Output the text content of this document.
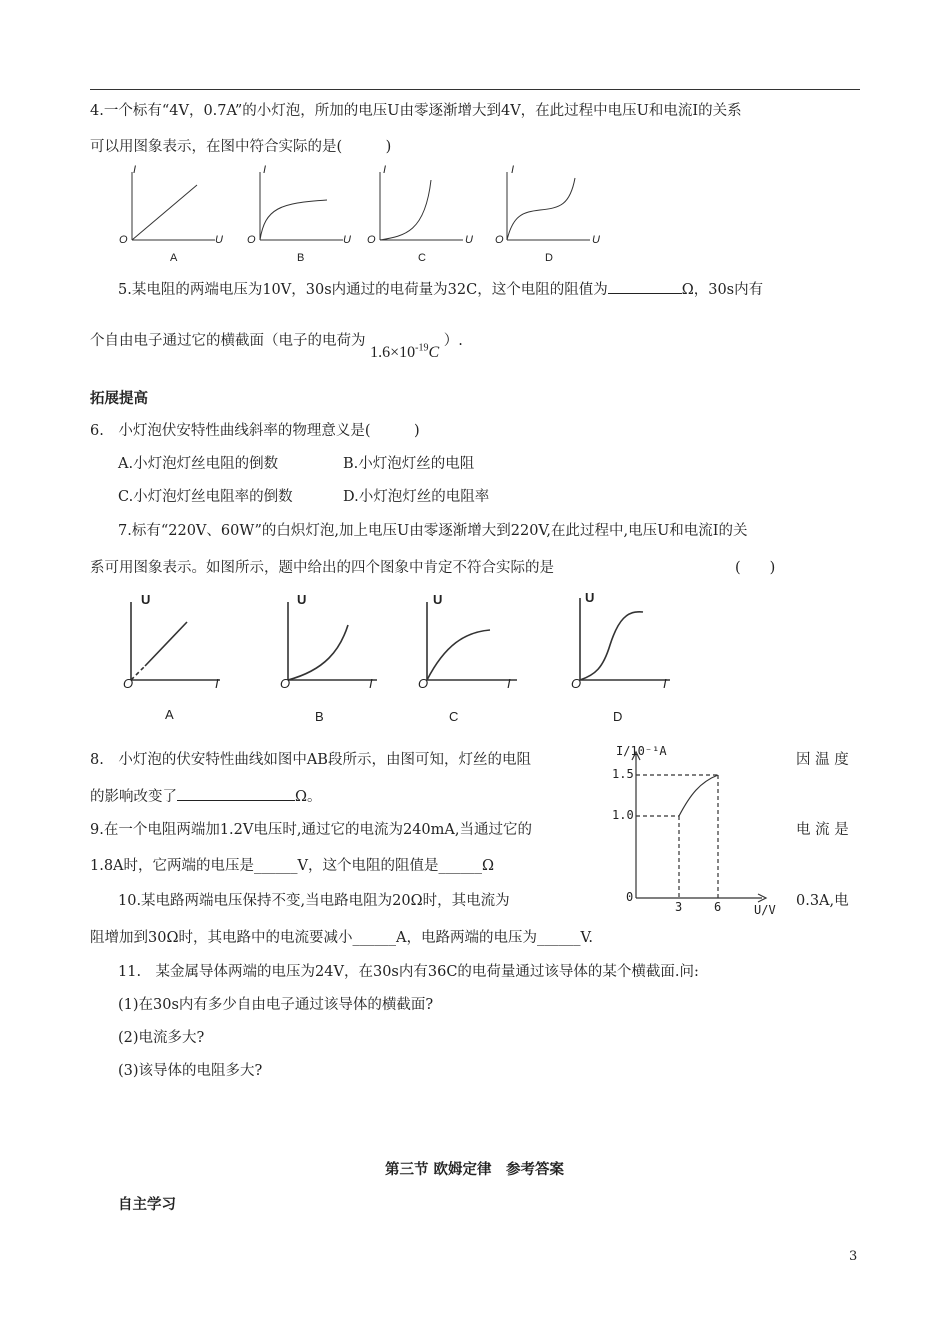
4.一个标有“4V，0.7A”的小灯泡，所加的电压U由零逐渐增大到4V，在此过程中电压U和电流I的关系
可以用图象表示，在图中符合实际的是(　　　)
I
O	U
I
O	U
I
O	U
I
O	U
A	B	C	D
5.某电阻的两端电压为10V，30s内通过的电荷量为32C，这个电阻的阻值为	Ω，30s内有
个自由电子通过它的横截面（电子的电荷为 $1.6\times 10^{-19}C$ ）.
拓展提高
6.　小灯泡伏安特性曲线斜率的物理意义是(　　　)
A.小灯泡灯丝电阻的倒数	B.小灯泡灯丝的电阻
C.小灯泡灯丝电阻率的倒数	D.小灯泡灯丝的电阻率
7.标有“220V、60W”的白炽灯泡,加上电压U由零逐渐增大到220V,在此过程中,电压U和电流I的关
系可用图象表示。如图所示，题中给出的四个图象中肯定不符合实际的是	(　　)
U
O	I
U
O	I
U
O	I
U
O	I
A	B	C	D
8.　小灯泡的伏安特性曲线如图中AB段所示，由图可知，灯丝的电阻	因 温 度
的影响改变了	Ω。
9.在一个电阻两端加1.2V电压时,通过它的电流为240mA,当通过它的	电 流 是
1.8A时，它两端的电压是______V，这个电阻的阻值是______Ω
10.某电路两端电压保持不变,当电路电阻为20Ω时，其电流为	0.3A,电
阻增加到30Ω时，其电路中的电流要减小______A，电路两端的电压为______V.
I/10⁻¹A
1.5
1.0
0
3	6	U/V
11.　某金属导体两端的电压为24V，在30s内有36C的电荷量通过该导体的某个横截面.问:
(1)在30s内有多少自由电子通过该导体的横截面?
(2)电流多大?
(3)该导体的电阻多大?
第三节 欧姆定律　参考答案
自主学习
3
